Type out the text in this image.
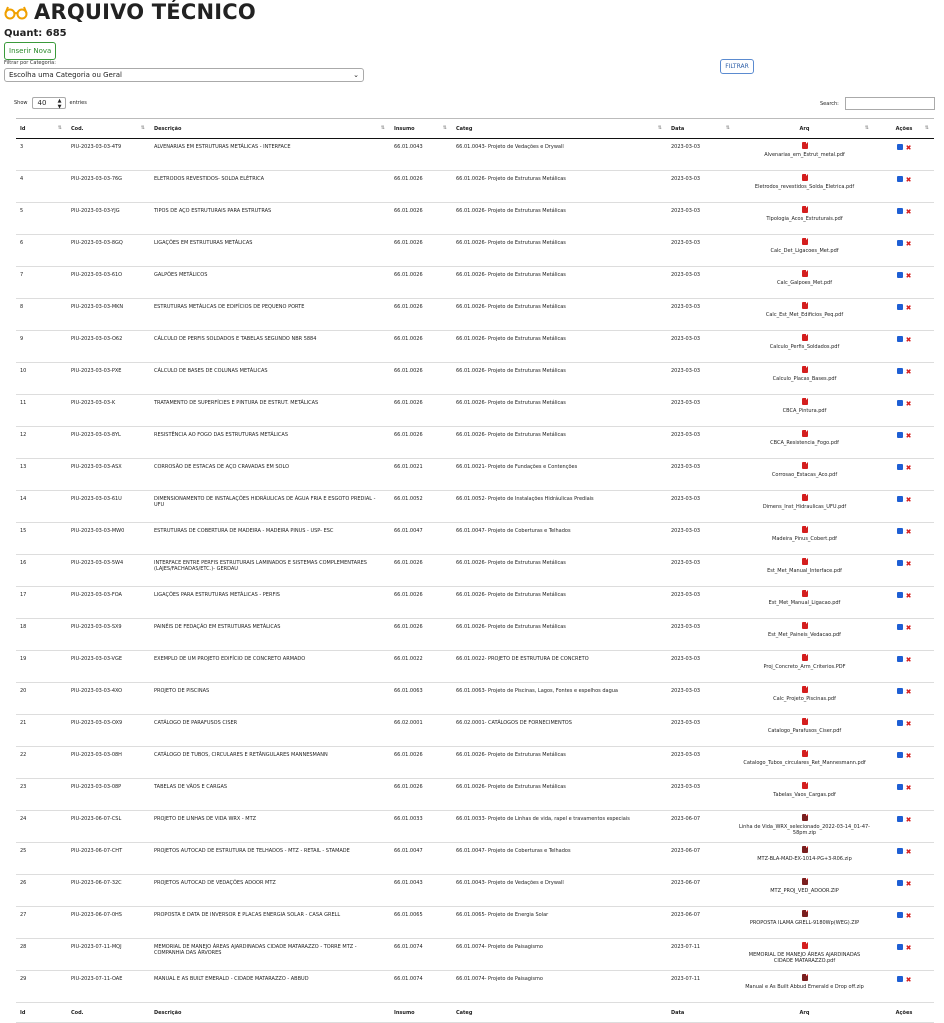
ARQUIVO TÉCNICO
Quant: 685
Inserir Nova
Filtrar por Categoria:
Escolha uma Categoria ou Geral	⌄
FILTRAR
Show 40 ▲
▼
entries	Search:
Id ⇅	Cod. ⇅	Descrição ⇅	Insumo ⇅	Categ ⇅	Data ⇅	Arq ⇅	Ações ⇅

3	PIU-2023-03-03-4T9	ALVENARIAS EM ESTRUTURAS METÁLICAS - INTERFACE	66.01.0043	66.01.0043- Projeto de Vedações e Drywall	2023-03-03	Alvenarias_em_Estrut_metal.pdf	✖
4	PIU-2023-03-03-76G	ELETRODOS REVESTIDOS- SOLDA ELÉTRICA	66.01.0026	66.01.0026- Projeto de Estruturas Metálicas	2023-03-03	Eletrodos_revestidos_Solda_Eletrica.pdf	✖
5	PIU-2023-03-03-YJG	TIPOS DE AÇO ESTRUTURAIS PARA ESTRUTRAS	66.01.0026	66.01.0026- Projeto de Estruturas Metálicas	2023-03-03	Tipologia_Acos_Estruturais.pdf	✖
6	PIU-2023-03-03-8GQ	LIGAÇÕES EM ESTRUTURAS METÁLICAS	66.01.0026	66.01.0026- Projeto de Estruturas Metálicas	2023-03-03	Calc_Det_Ligacoes_Met.pdf	✖
7	PIU-2023-03-03-61O	GALPÕES METÁLICOS	66.01.0026	66.01.0026- Projeto de Estruturas Metálicas	2023-03-03	Calc_Galpoes_Met.pdf	✖
8	PIU-2023-03-03-MKN	ESTRUTURAS METÁLICAS DE EDIFÍCIOS DE PEQUENO PORTE	66.01.0026	66.01.0026- Projeto de Estruturas Metálicas	2023-03-03	Calc_Est_Met_Edificios_Peq.pdf	✖
9	PIU-2023-03-03-O62	CÁLCULO DE PERFIS SOLDADOS E TABELAS SEGUNDO NBR 5884	66.01.0026	66.01.0026- Projeto de Estruturas Metálicas	2023-03-03	Calculo_Perfis_Soldados.pdf	✖
10	PIU-2023-03-03-PXE	CÁLCULO DE BASES DE COLUNAS METÁLICAS	66.01.0026	66.01.0026- Projeto de Estruturas Metálicas	2023-03-03	Calculo_Placas_Bases.pdf	✖
11	PIU-2023-03-03-K	TRATAMENTO DE SUPERFÍCIES E PINTURA DE ESTRUT. METÁLICAS	66.01.0026	66.01.0026- Projeto de Estruturas Metálicas	2023-03-03	CBCA_Pintura.pdf	✖
12	PIU-2023-03-03-8YL	RESISTÊNCIA AO FOGO DAS ESTRUTURAS METÁLICAS	66.01.0026	66.01.0026- Projeto de Estruturas Metálicas	2023-03-03	CBCA_Resistencia_Fogo.pdf	✖
13	PIU-2023-03-03-ASX	CORROSÃO DE ESTACAS DE AÇO CRAVADAS EM SOLO	66.01.0021	66.01.0021- Projeto de Fundações e Contenções	2023-03-03	Corrosao_Estacas_Aco.pdf	✖
14	PIU-2023-03-03-61U	DIMENSIONAMENTO DE INSTALAÇÕES HIDRÁULICAS DE ÁGUA FRIA E ESGOTO PREDIAL - UFU	66.01.0052	66.01.0052- Projeto de Instalações Hidráulicas Prediais	2023-03-03	Dimens_Inst_Hidraulicas_UFU.pdf	✖
15	PIU-2023-03-03-MW0	ESTRUTURAS DE COBERTURA DE MADEIRA - MADEIRA PINUS - USP- ESC	66.01.0047	66.01.0047- Projeto de Coberturas e Telhados	2023-03-03	Madeira_Pinus_Cobert.pdf	✖
16	PIU-2023-03-03-5W4	INTERFACE ENTRE PERFIS ESTRUTURAIS LAMINADOS E SISTEMAS COMPLEMENTARES (LAJES/FACHADAS/ETC.)- GERDAU	66.01.0026	66.01.0026- Projeto de Estruturas Metálicas	2023-03-03	Est_Met_Manual_Interface.pdf	✖
17	PIU-2023-03-03-FOA	LIGAÇÕES PARA ESTRUTURAS METÁLICAS - PERFIS	66.01.0026	66.01.0026- Projeto de Estruturas Metálicas	2023-03-03	Est_Met_Manual_Ligacao.pdf	✖
18	PIU-2023-03-03-SX9	PAINÉIS DE FEDAÇÃO EM ESTRUTURAS METÁLICAS	66.01.0026	66.01.0026- Projeto de Estruturas Metálicas	2023-03-03	Est_Met_Paineis_Vedacao.pdf	✖
19	PIU-2023-03-03-VGE	EXEMPLO DE UM PROJETO EDIFÍCIO DE CONCRETO ARMADO	66.01.0022	66.01.0022- PROJETO DE ESTRUTURA DE CONCRETO	2023-03-03	Proj_Concreto_Arm_Criterios.PDF	✖
20	PIU-2023-03-03-4XO	PROJETO DE PISCINAS	66.01.0063	66.01.0063- Projeto de Piscinas, Lagos, Fontes e espelhos dagua	2023-03-03	Calc_Projeto_Piscinas.pdf	✖
21	PIU-2023-03-03-OX9	CATÁLOGO DE PARAFUSOS CISER	66.02.0001	66.02.0001- CATÁLOGOS DE FORNECIMENTOS	2023-03-03	Catalogo_Parafusos_Ciser.pdf	✖
22	PIU-2023-03-03-08H	CATÁLOGO DE TUBOS, CIRCULARES E RETÂNGULARES MANNESMANN	66.01.0026	66.01.0026- Projeto de Estruturas Metálicas	2023-03-03	Catalogo_Tubos_circulares_Ret_Mannesmann.pdf	✖
23	PIU-2023-03-03-08P	TABELAS DE VÃOS E CARGAS	66.01.0026	66.01.0026- Projeto de Estruturas Metálicas	2023-03-03	Tabelas_Vaos_Cargas.pdf	✖
24	PIU-2023-06-07-CSL	PROJETO DE LINHAS DE VIDA WRX - MTZ	66.01.0033	66.01.0033- Projeto de Linhas de vida, rapel e travamentos especiais	2023-06-07	Linha de Vida_WRX_selecionado_2022-03-14_01-47-58pm.zip	✖
25	PIU-2023-06-07-CHT	PROJETOS AUTOCAD DE ESTRUTURA DE TELHADOS - MTZ - RETAIL - STAMADE	66.01.0047	66.01.0047- Projeto de Coberturas e Telhados	2023-06-07	MTZ-BLA-MAD-EX-1014-PG+3-R06.zip	✖
26	PIU-2023-06-07-32C	PROJETOS AUTOCAD DE VEDAÇÕES ADOOR MTZ	66.01.0043	66.01.0043- Projeto de Vedações e Drywall	2023-06-07	MTZ_PROJ_VED_ADOOR.ZIP	✖
27	PIU-2023-06-07-0HS	PROPOSTA E DATA DE INVERSOR E PLACAS ENERGIA SOLAR - CASA GRELL	66.01.0065	66.01.0065- Projeto de Energia Solar	2023-06-07	PROPOSTA ILAMA GRELL-9180Wp(WEG).ZIP	✖
28	PIU-2023-07-11-MQJ	MEMORIAL DE MANEJO ÁREAS AJARDINADAS CIDADE MATARAZZO - TORRE MTZ - COMPANHIA DAS ÁRVORES	66.01.0074	66.01.0074- Projeto de Paisagismo	2023-07-11	MEMORIAL DE MANEJO ÁREAS AJARDINADAS CIDADE MATARAZZO.pdf	✖
29	PIU-2023-07-11-OAE	MANUAL E AS BUILT EMERALD - CIDADE MATARAZZO - ABBUD	66.01.0074	66.01.0074- Projeto de Paisagismo	2023-07-11	Manual e As Built Abbud Emerald e Drop off.zip	✖
Id	Cod.	Descrição	Insumo	Categ	Data	Arq	Ações
